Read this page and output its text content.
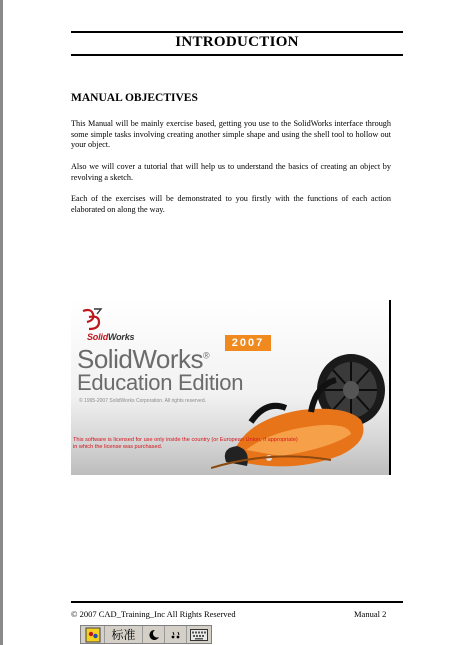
INTRODUCTION
MANUAL OBJECTIVES

This Manual will be mainly exercise based, getting you use to the SolidWorks interface through some simple tasks involving creating another simple shape and using the shell tool to hollow out your object.

Also we will cover a tutorial that will help us to understand the basics of creating an object by revolving a sketch.

Each of the exercises will be demonstrated to you firstly with the functions of each action elaborated on along the way.

SolidWorks	2007
SolidWorks®
Education Edition
© 1995-2007 SolidWorks Corporation. All rights reserved.
This software is licensed for use only inside the country (or European Union, if appropriate) in which the license was purchased.
© 2007 CAD_Training_Inc All Rights Reserved	Manual 2
标准
